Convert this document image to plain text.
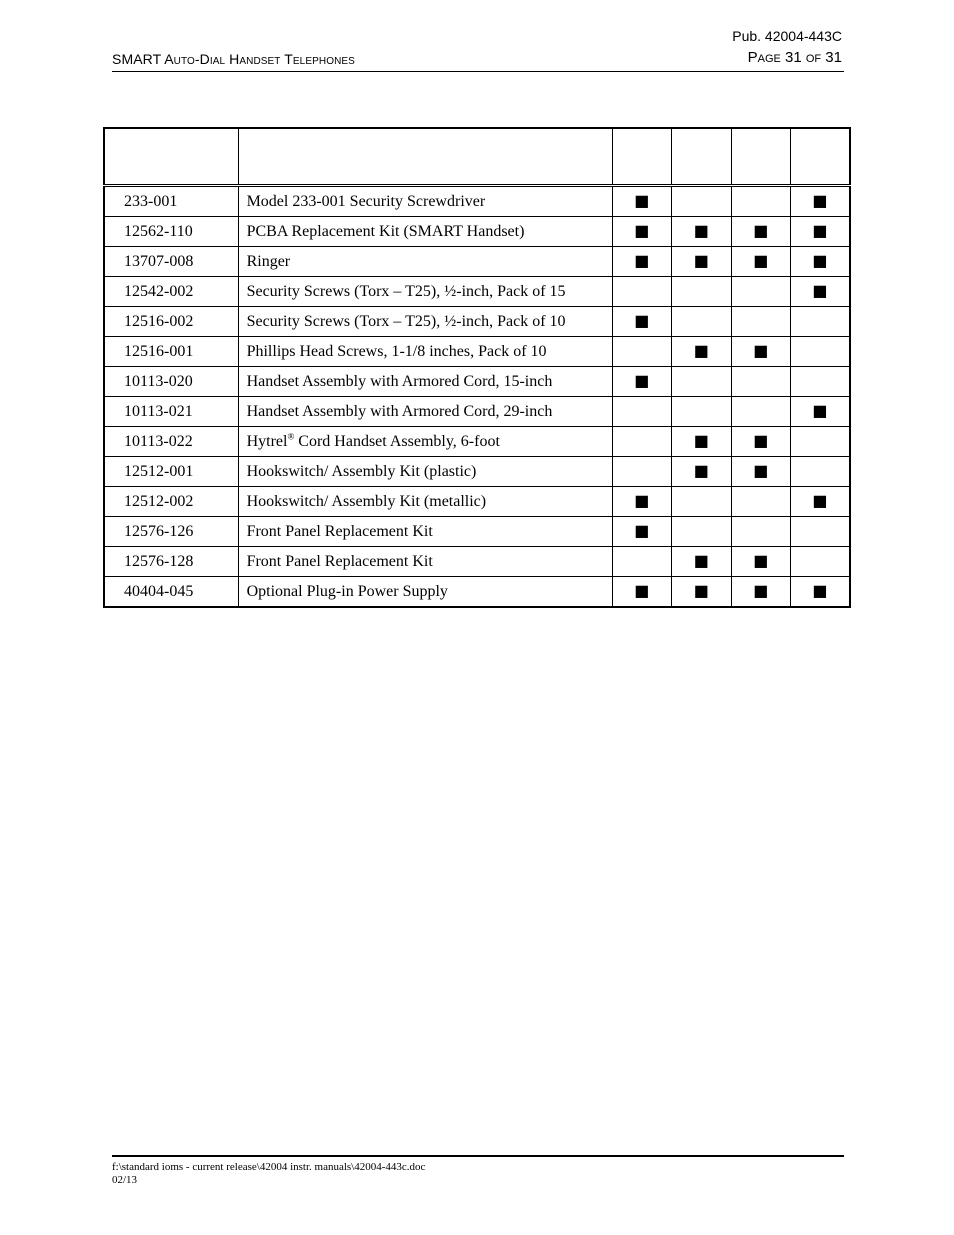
Pub. 42004-443C
SMART Auto-Dial Handset Telephones	Page 31 of 31

233-001	Model 233-001 Security Screwdriver	■			■
12562-110	PCBA Replacement Kit (SMART Handset)	■	■	■	■
13707-008	Ringer	■	■	■	■
12542-002	Security Screws (Torx – T25), ½-inch, Pack of 15				■
12516-002	Security Screws (Torx – T25), ½-inch, Pack of 10	■			
12516-001	Phillips Head Screws, 1-1/8 inches, Pack of 10		■	■	
10113-020	Handset Assembly with Armored Cord, 15-inch	■			
10113-021	Handset Assembly with Armored Cord, 29-inch				■
10113-022	Hytrel® Cord Handset Assembly, 6-foot		■	■	
12512-001	Hookswitch/ Assembly Kit (plastic)		■	■	
12512-002	Hookswitch/ Assembly Kit (metallic)	■			■
12576-126	Front Panel Replacement Kit	■			
12576-128	Front Panel Replacement Kit		■	■	
40404-045	Optional Plug-in Power Supply	■	■	■	■
f:\standard ioms - current release\42004 instr. manuals\42004-443c.doc
02/13
